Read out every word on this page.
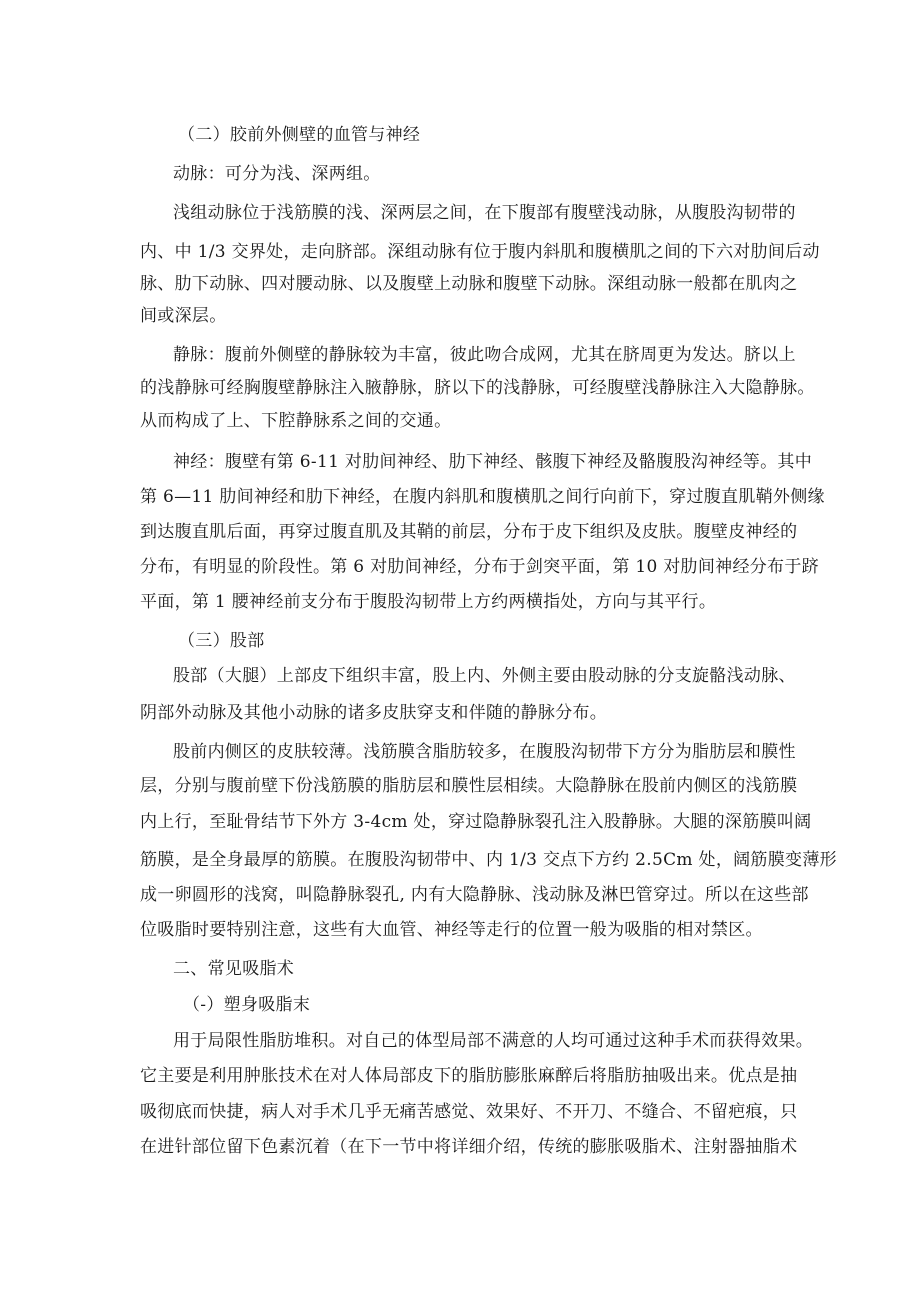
（二）胶前外侧壁的血管与神经
动脉：可分为浅、深两组。
浅组动脉位于浅筋膜的浅、深两层之间，在下腹部有腹壁浅动脉，从腹股沟韧带的
内、中 1/3 交界处，走向脐部。深组动脉有位于腹内斜肌和腹横肌之间的下六对肋间后动
脉、肋下动脉、四对腰动脉、以及腹壁上动脉和腹壁下动脉。深组动脉一般都在肌肉之
间或深层。
静脉：腹前外侧壁的静脉较为丰富，彼此吻合成网，尤其在脐周更为发达。脐以上
的浅静脉可经胸腹壁静脉注入腋静脉，脐以下的浅静脉，可经腹壁浅静脉注入大隐静脉。
从而构成了上、下腔静脉系之间的交通。
神经：腹壁有第 6-11 对肋间神经、肋下神经、骸腹下神经及骼腹股沟神经等。其中
第 6—11 肋间神经和肋下神经，在腹内斜肌和腹横肌之间行向前下，穿过腹直肌鞘外侧缘
到达腹直肌后面，再穿过腹直肌及其鞘的前层，分布于皮下组织及皮肤。腹壁皮神经的
分布，有明显的阶段性。第 6 对肋间神经，分布于剑突平面，第 10 对肋间神经分布于跻
平面，第 1 腰神经前支分布于腹股沟韧带上方约两横指处，方向与其平行。
（三）股部
股部（大腿）上部皮下组织丰富，股上内、外侧主要由股动脉的分支旋骼浅动脉、
阴部外动脉及其他小动脉的诸多皮肤穿支和伴随的静脉分布。
股前内侧区的皮肤较薄。浅筋膜含脂肪较多，在腹股沟韧带下方分为脂肪层和膜性
层，分别与腹前壁下份浅筋膜的脂肪层和膜性层相续。大隐静脉在股前内侧区的浅筋膜
内上行，至耻骨结节下外方 3-4cm 处，穿过隐静脉裂孔注入股静脉。大腿的深筋膜叫阔
筋膜，是全身最厚的筋膜。在腹股沟韧带中、内 1/3 交点下方约 2.5Cm 处，阔筋膜变薄形
成一卵圆形的浅窝，叫隐静脉裂孔, 内有大隐静脉、浅动脉及淋巴管穿过。所以在这些部
位吸脂时要特别注意，这些有大血管、神经等走行的位置一般为吸脂的相对禁区。
二、常见吸脂术
（-）塑身吸脂末
用于局限性脂肪堆积。对自己的体型局部不满意的人均可通过这种手术而获得效果。
它主要是利用肿胀技术在对人体局部皮下的脂肪膨胀麻醉后将脂肪抽吸出来。优点是抽
吸彻底而快捷，病人对手术几乎无痛苦感觉、效果好、不开刀、不缝合、不留疤痕，只
在进针部位留下色素沉着（在下一节中将详细介绍，传统的膨胀吸脂术、注射器抽脂术
